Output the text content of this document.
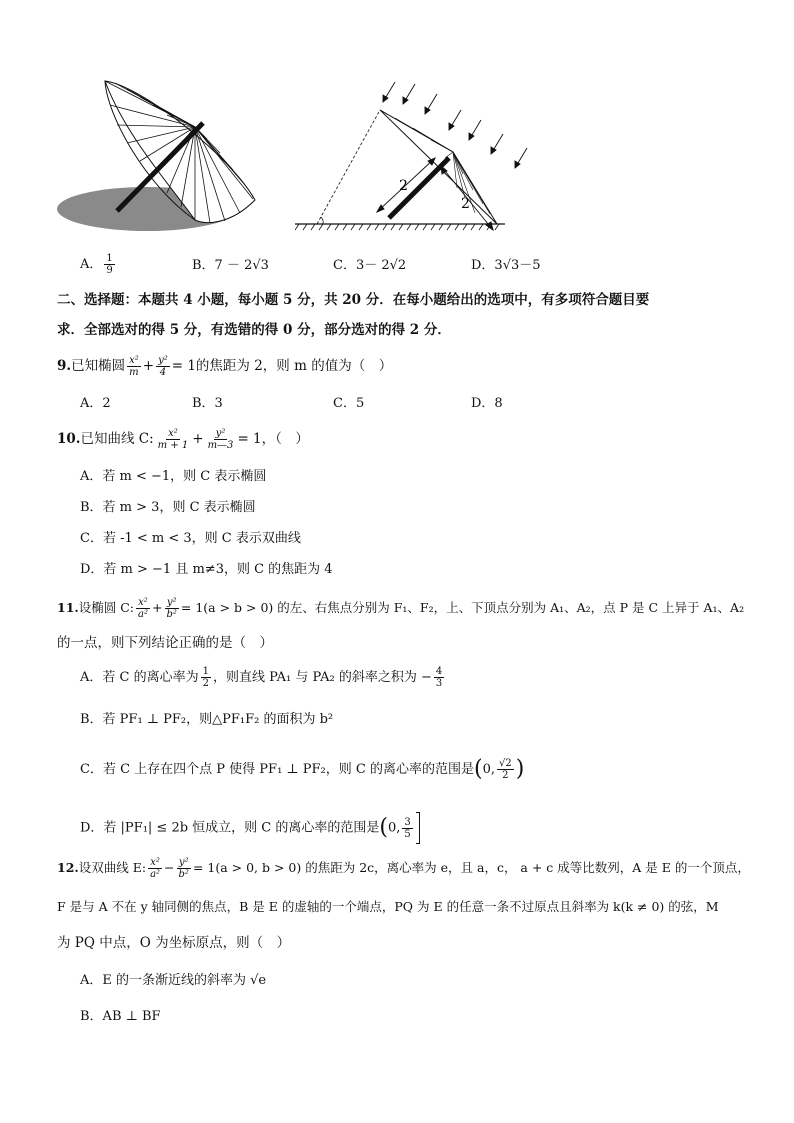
2
2
A． $\frac{1}{9}$	B．7 － 2√3	C．3－ 2√2	D．3√3－5
二、选择题：本题共 4 小题，每小题 5 分，共 20 分．在每小题给出的选项中，有多项符合题目要
求．全部选对的得 5 分，有选错的得 0 分，部分选对的得 2 分．
9.已知椭圆 $\frac{\text{x²}}{m} + \frac{\text{y²}}{4} = 1$的焦距为 2，则 m 的值为（　）
A．2	B．3	C．5	D．8
10.已知曲线 C: $\frac{\text{x²}}{m + 1} + \frac{\text{y²}}{m—3} = 1$，（　）
A．若 m < −1，则 C 表示椭圆
B．若 m > 3，则 C 表示椭圆
C．若 -1 < m < 3，则 C 表示双曲线
D．若 m > −1 且 m≠3，则 C 的焦距为 4
11.设椭圆 C: $\frac{\text{x²}}{\text{a²}} + \frac{\text{y²}}{\text{b²}} = 1(a > b > 0)$ 的左、右焦点分别为 F₁、F₂，上、下顶点分别为 A₁、A₂，点 P 是 C 上异于 A₁、A₂
的一点，则下列结论正确的是（　）
A．若 C 的离心率为 $\frac{1}{2}$ ，则直线 PA₁ 与 PA₂ 的斜率之积为 − $\frac{4}{3}$
B．若 PF₁ ⊥ PF₂，则△PF₁F₂ 的面积为 b²
C．若 C 上存在四个点 P 使得 PF₁ ⊥ PF₂，则 C 的离心率的范围是(0, $\frac{√2}{2}$ )
D．若 |PF₁| ≤ 2b 恒成立，则 C 的离心率的范围是(0, $\frac{3}{5}$
12.设双曲线 E: $\frac{\text{x²}}{\text{a²}} - \frac{\text{y²}}{\text{b²}} = 1(a > 0$, b > 0) 的焦距为 2c，离心率为 e，且 a，c， a + c 成等比数列，A 是 E 的一个顶点，
F 是与 A 不在 y 轴同侧的焦点，B 是 E 的虚轴的一个端点，PQ 为 E 的任意一条不过原点且斜率为 k(k ≠ 0) 的弦，M
为 PQ 中点，O 为坐标原点，则（　）
A．E 的一条渐近线的斜率为 √e
B．AB ⊥ BF
